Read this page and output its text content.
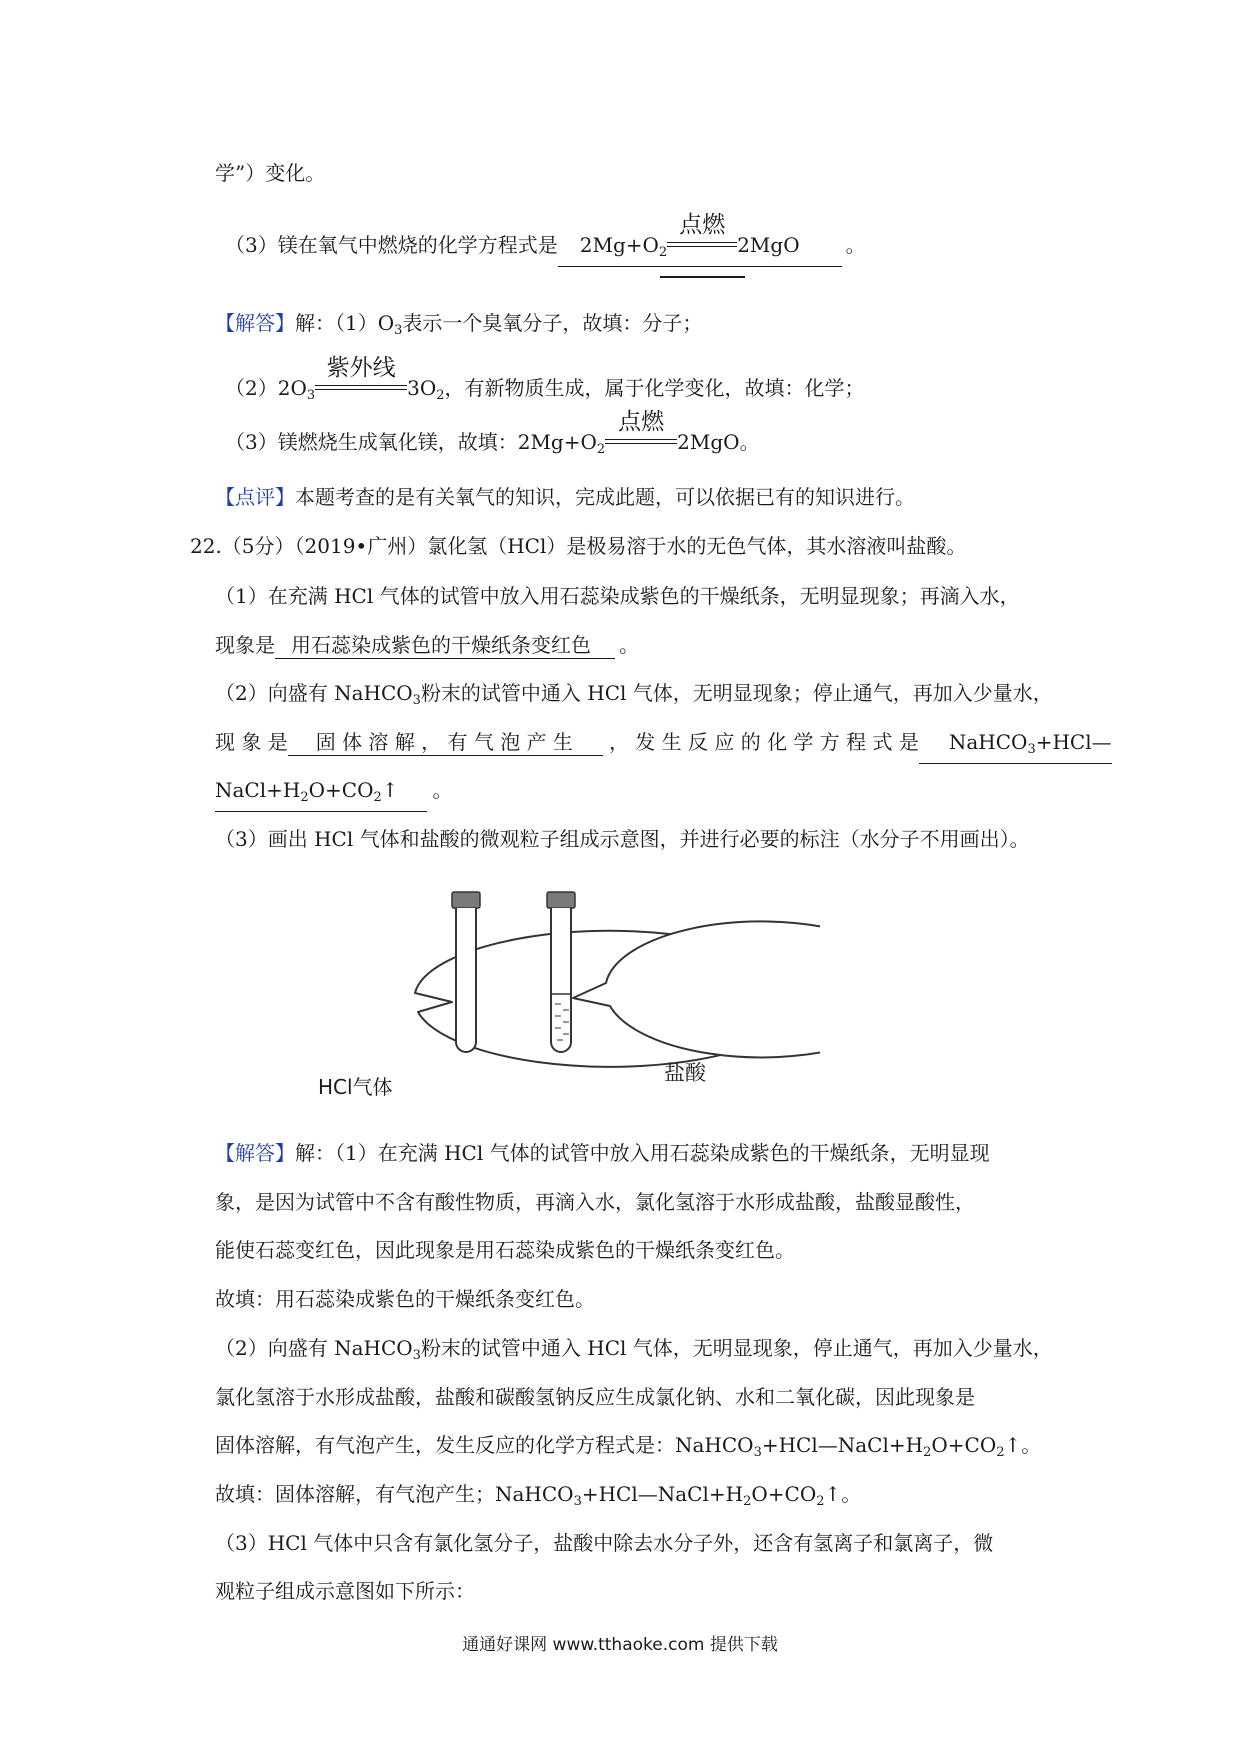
学”）变化。
（3）镁在氧气中燃烧的化学方程式是 $2Mg+O_2$
点燃
2MgO 。
【解答】解：$(1)O_3$表示一个臭氧分子，故填：分子；
$(2)2O_3$
紫外线
$3O_2$，有新物质生成，属于化学变化，故填：化学；
（3）镁燃烧生成氧化镁，故填：$2Mg+O_2$
点燃
2MgO。
【点评】本题考查的是有关氧气的知识，完成此题，可以依据已有的知识进行。
22.（5分）（2019•广州）氯化氢（HCl）是极易溶于水的无色气体，其水溶液叫盐酸。
（1）在充满 HCl 气体的试管中放入用石蕊染成紫色的干燥纸条，无明显现象；再滴入水，
现象是 用石蕊染成紫色的干燥纸条变红色 。
（2）向盛有 NaHCO$_3$粉末的试管中通入 HCl 气体，无明显现象；停止通气，再加入少量水，
现 象 是 固 体 溶 解 ， 有 气 泡 产 生 ， 发 生 反 应 的 化 学 方 程 式 是 NaHCO$_3$+HCl—
$NaCl+H_2O+CO_2↑$ 。
（3）画出 HCl 气体和盐酸的微观粒子组成示意图，并进行必要的标注（水分子不用画出）。
HCl气体
盐酸
【解答】解：（1）在充满 HCl 气体的试管中放入用石蕊染成紫色的干燥纸条，无明显现
象，是因为试管中不含有酸性物质，再滴入水，氯化氢溶于水形成盐酸，盐酸显酸性，
能使石蕊变红色，因此现象是用石蕊染成紫色的干燥纸条变红色。
故填：用石蕊染成紫色的干燥纸条变红色。
（2）向盛有 NaHCO$_3$粉末的试管中通入 HCl 气体，无明显现象，停止通气，再加入少量水，
氯化氢溶于水形成盐酸，盐酸和碳酸氢钠反应生成氯化钠、水和二氧化碳，因此现象是
固体溶解，有气泡产生，发生反应的化学方程式是：$NaHCO_3+HCl—NaCl+H_2O+CO_2↑$。
故填：固体溶解，有气泡产生；$NaHCO_3+HCl—NaCl+H_2O+CO_2↑$。
（3）HCl 气体中只含有氯化氢分子，盐酸中除去水分子外，还含有氢离子和氯离子，微
观粒子组成示意图如下所示：
通通好课网 www.tthaoke.com 提供下载
